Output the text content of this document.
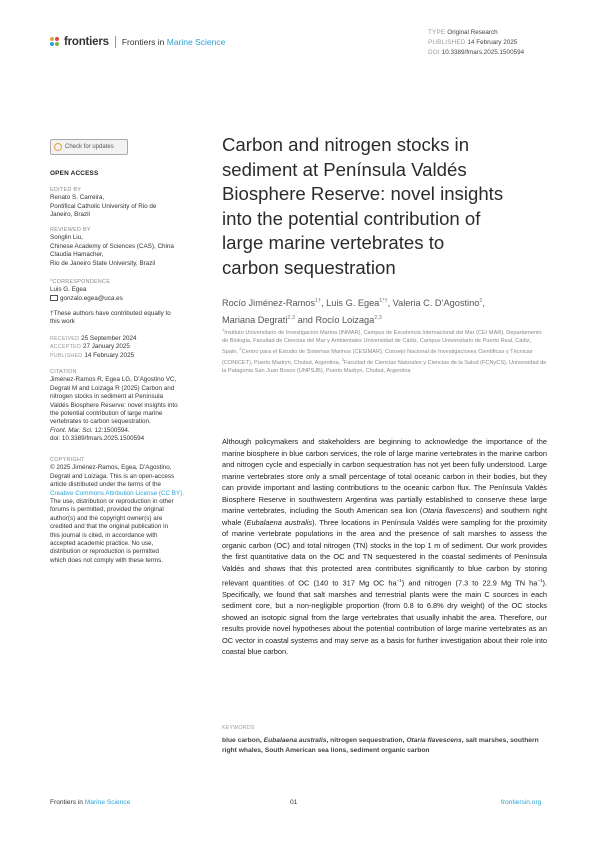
frontiers Frontiers in Marine Science
TYPE Original Research
PUBLISHED 14 February 2025
DOI 10.3389/fmars.2025.1500594
Check for updates
OPEN ACCESS
EDITED BY
Renato S. Carreira,
Pontifical Catholic University of Rio de
Janeiro, Brazil
REVIEWED BY
Songlin Liu,
Chinese Academy of Sciences (CAS), China
Claudia Hamacher,
Rio de Janeiro State University, Brazil
*CORRESPONDENCE
Luis G. Egea
gonzalo.egea@uca.es
†These authors have contributed equally to
this work
RECEIVED 25 September 2024
ACCEPTED 27 January 2025
PUBLISHED 14 February 2025
CITATION
Jiménez-Ramos R, Egea LG, D’Agostino VC,
Degrati M and Loizaga R (2025) Carbon and
nitrogen stocks in sediment at Península
Valdés Biosphere Reserve: novel insights into
the potential contribution of large marine
vertebrates to carbon sequestration.
Front. Mar. Sci. 12:1500594.
doi: 10.3389/fmars.2025.1500594
COPYRIGHT
© 2025 Jiménez-Ramos, Egea, D’Agostino,
Degrati and Loizaga. This is an open-access
article distributed under the terms of the
Creative Commons Attribution License (CC BY).
The use, distribution or reproduction in other
forums is permitted, provided the original
author(s) and the copyright owner(s) are
credited and that the original publication in
this journal is cited, in accordance with
accepted academic practice. No use,
distribution or reproduction is permitted
which does not comply with these terms.
Carbon and nitrogen stocks in
sediment at Península Valdés
Biosphere Reserve: novel insights
into the potential contribution of
large marine vertebrates to
carbon sequestration
Rocío Jiménez-Ramos$^{1\dagger}$, Luis G. Egea$^{1*\dagger}$, Valeria C. D’Agostino$^2$,
Mariana Degrati$^{2,3}$ and Rocío Loizaga$^{2,3}$
$^1$Instituto Universitario de Investigación Marina (INMAR), Campus de Excelencia Internacional del Mar (CEI MAR), Departamento de Biología, Facultad de Ciencias del Mar y Ambientales Universidad de Cádiz, Campus Universitario de Puerto Real, Cádiz, Spain, $^2$Centro para el Estudio de Sistemas Marinos (CESIMAR), Consejo Nacional de Investigaciones Científicas y Técnicas (CONICET), Puerto Madryn, Chubut, Argentina, $^3$Facultad de Ciencias Naturales y Ciencias de la Salud (FCNyCS), Universidad de la Patagonia San Juan Bosco (UNPSJB), Puerto Madryn, Chubut, Argentina
Although policymakers and stakeholders are beginning to acknowledge the importance of the marine biosphere in blue carbon services, the role of large marine vertebrates in the marine carbon and nitrogen cycle and especially in carbon sequestration has not yet been fully understood. Large marine vertebrates store only a small percentage of total oceanic carbon in their bodies, but they can provide important and lasting contributions to the oceanic carbon flux. The Península Valdés Biosphere Reserve in southwestern Argentina was partially established to conserve these large marine vertebrates, including the South American sea lion (Otaria flavescens) and southern right whale (Eubalaena australis). Three locations in Península Valdés were sampling for the proximity of marine vertebrate populations in the area and the presence of salt marshes to assess the organic carbon (OC) and total nitrogen (TN) stocks in the top 1 m of sediment. Our work provides the first quantitative data on the OC and TN sequestered in the coastal sediments of Península Valdés and shows that this protected area contributes significantly to blue carbon by storing relevant quantities of OC (140 to 317 Mg OC $ha^{-1}$) and nitrogen (7.3 to 22.9 Mg TN $ha^{-1}$). Specifically, we found that salt marshes and terrestrial plants were the main C sources in each sediment core, but a non-negligible proportion (from 0.8 to 6.8% dry weight) of the OC stocks showed an isotopic signal from the large vertebrates that usually inhabit the area. Therefore, our results provide novel hypotheses about the potential contribution of large marine vertebrates as an OC vector in coastal systems and may serve as a basis for further investigation about their role into coastal blue carbon.
KEYWORDS
blue carbon, Eubalaena australis, nitrogen sequestration, Otaria flavescens, salt marshes, southern right whales, South American sea lions, sediment organic carbon
Frontiers in Marine Science	01	frontiersin.org
